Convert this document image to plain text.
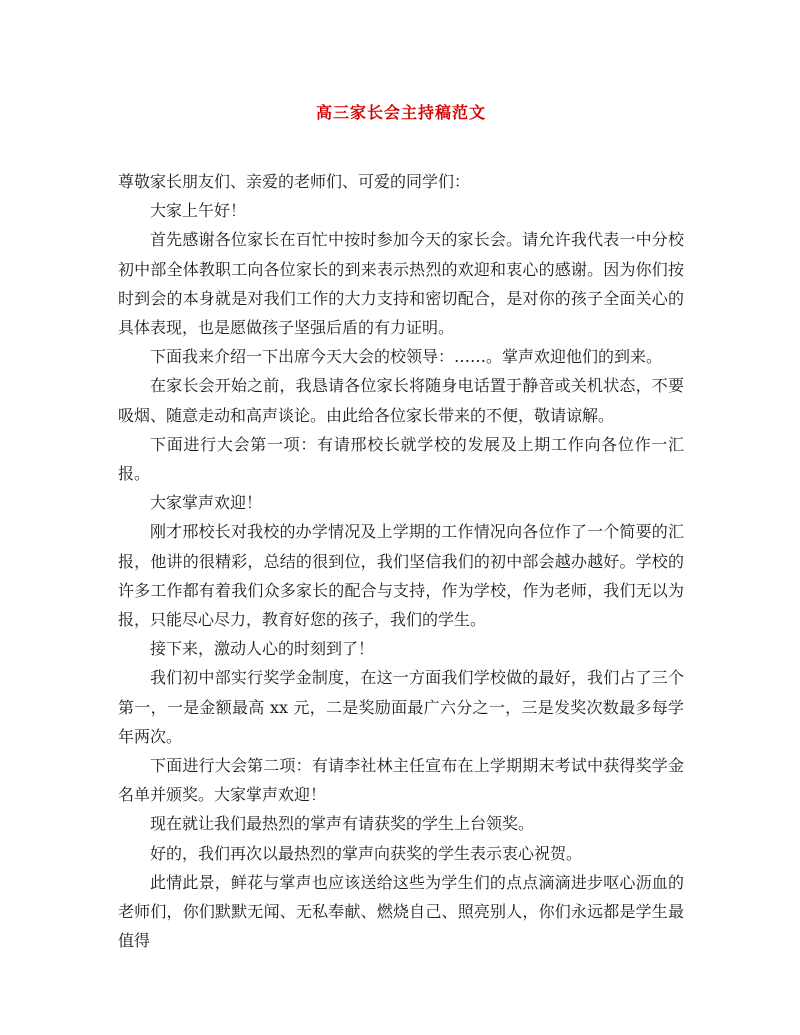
高三家长会主持稿范文

尊敬家长朋友们、亲爱的老师们、可爱的同学们：

大家上午好！

首先感谢各位家长在百忙中按时参加今天的家长会。请允许我代表一中分校初中部全体教职工向各位家长的到来表示热烈的欢迎和衷心的感谢。因为你们按时到会的本身就是对我们工作的大力支持和密切配合，是对你的孩子全面关心的具体表现，也是愿做孩子坚强后盾的有力证明。

下面我来介绍一下出席今天大会的校领导：……。掌声欢迎他们的到来。

在家长会开始之前，我恳请各位家长将随身电话置于静音或关机状态，不要吸烟、随意走动和高声谈论。由此给各位家长带来的不便，敬请谅解。

下面进行大会第一项：有请邢校长就学校的发展及上期工作向各位作一汇报。

大家掌声欢迎！

刚才邢校长对我校的办学情况及上学期的工作情况向各位作了一个简要的汇报，他讲的很精彩，总结的很到位，我们坚信我们的初中部会越办越好。学校的许多工作都有着我们众多家长的配合与支持，作为学校，作为老师，我们无以为报，只能尽心尽力，教育好您的孩子，我们的学生。

接下来，激动人心的时刻到了！

我们初中部实行奖学金制度，在这一方面我们学校做的最好，我们占了三个第一，一是金额最高 xx 元，二是奖励面最广六分之一，三是发奖次数最多每学年两次。

下面进行大会第二项：有请李社林主任宣布在上学期期末考试中获得奖学金名单并颁奖。大家掌声欢迎！

现在就让我们最热烈的掌声有请获奖的学生上台领奖。

好的，我们再次以最热烈的掌声向获奖的学生表示衷心祝贺。

此情此景，鲜花与掌声也应该送给这些为学生们的点点滴滴进步呕心沥血的老师们，你们默默无闻、无私奉献、燃烧自己、照亮别人，你们永远都是学生最值得
